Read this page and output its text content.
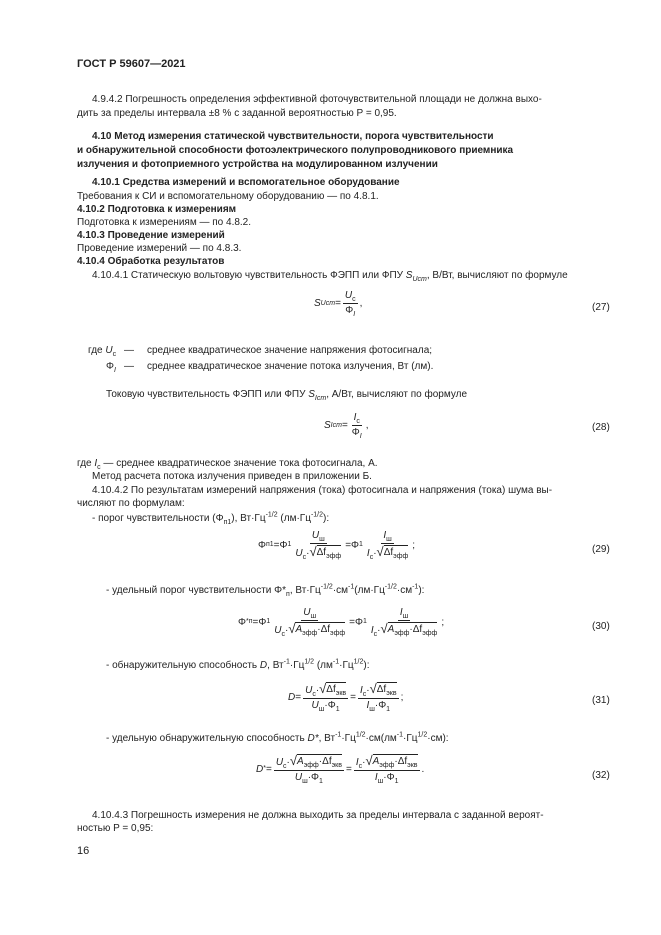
ГОСТ Р 59607—2021
4.9.4.2 Погрешность определения эффективной фоточувствительной площади не должна выхо-
дить за пределы интервала ±8 % с заданной вероятностью P = 0,95.
4.10 Метод измерения статической чувствительности, порога чувствительности
и обнаружительной способности фотоэлектрического полупроводникового приемника
излучения и фотоприемного устройства на модулированном излучении
4.10.1 Средства измерений и вспомогательное оборудование
Требования к СИ и вспомогательному оборудованию — по 4.8.1.
4.10.2 Подготовка к измерениям
Подготовка к измерениям — по 4.8.2.
4.10.3 Проведение измерений
Проведение измерений — по 4.8.3.
4.10.4 Обработка результатов
4.10.4.1 Статическую вольтовую чувствительность ФЭПП или ФПУ $S_{Uст}$, В/Вт, вычисляют по формуле
S Uст = $\frac{U_с}{\Phi_I}$ ,	(27)
где $U_с$ — среднее квадратическое значение напряжения фотосигнала;
$\Phi_I$ — среднее квадратическое значение потока излучения, Вт (лм).
Токовую чувствительность ФЭПП или ФПУ $S_{Iст}$, А/Вт, вычисляют по формуле
S Iст = $\frac{I_с}{\Phi_I}$ ,	(28)
где $I_с$ — среднее квадратическое значение тока фотосигнала, А.
Метод расчета потока излучения приведен в приложении Б.
4.10.4.2 По результатам измерений напряжения (тока) фотосигнала и напряжения (тока) шума вы-
числяют по формулам:
- порог чувствительности $(\Phi_{п1})$, $Вт\cdot Гц^{-1/2}$ $(лм\cdot Гц^{-1/2})$:
Φ п1 = Φ $1 \frac{U_ш}{U_с\cdot √ \Delta f_{эфф}} = \Phi$ $1 \frac{I_ш}{I_с\cdot √ \Delta f_{эфф}}$ ;	(29)
- удельный порог чувствительности $\Phi*_п$, $Вт\cdot Гц^{-1/2}\cdot см^{-1}(лм\cdot Гц^{-1/2}\cdot см^{-1})$:
Φ * п = Φ $1 \frac{U_ш}{U_с\cdot √ A_{эфф}\cdot\Delta f_{эфф}} = \Phi$ $1 \frac{I_ш}{I_с\cdot √ A_{эфф}\cdot\Delta f_{эфф}}$ ;	(30)
- обнаружительную способность D, $Вт^{-1}\cdot Гц^{1/2}$ $(лм^{-1}\cdot Гц^{1/2})$:
$D = \frac{U_с\cdot √ \Delta f_{экв}}{U_ш\cdot\Phi_1} = \frac{I_с\cdot √ \Delta f_{экв}}{I_ш\cdot\Phi_1}$ ;	(31)
- удельную обнаружительную способность D*, $Вт^{-1}\cdot Гц^{1/2}\cdot см(лм^{-1}\cdot Гц^{1/2}\cdot см)$:
D * = $\frac{U_с\cdot √ A_{эфф}\cdot\Delta f_{экв}}{U_ш\cdot\Phi_1} = \frac{I_с\cdot √ A_{эфф}\cdot\Delta f_{экв}}{I_ш\cdot\Phi_1}$ .
(32)
4.10.4.3 Погрешность измерения не должна выходить за пределы интервала с заданной вероят-
ностью P = 0,95:
16
